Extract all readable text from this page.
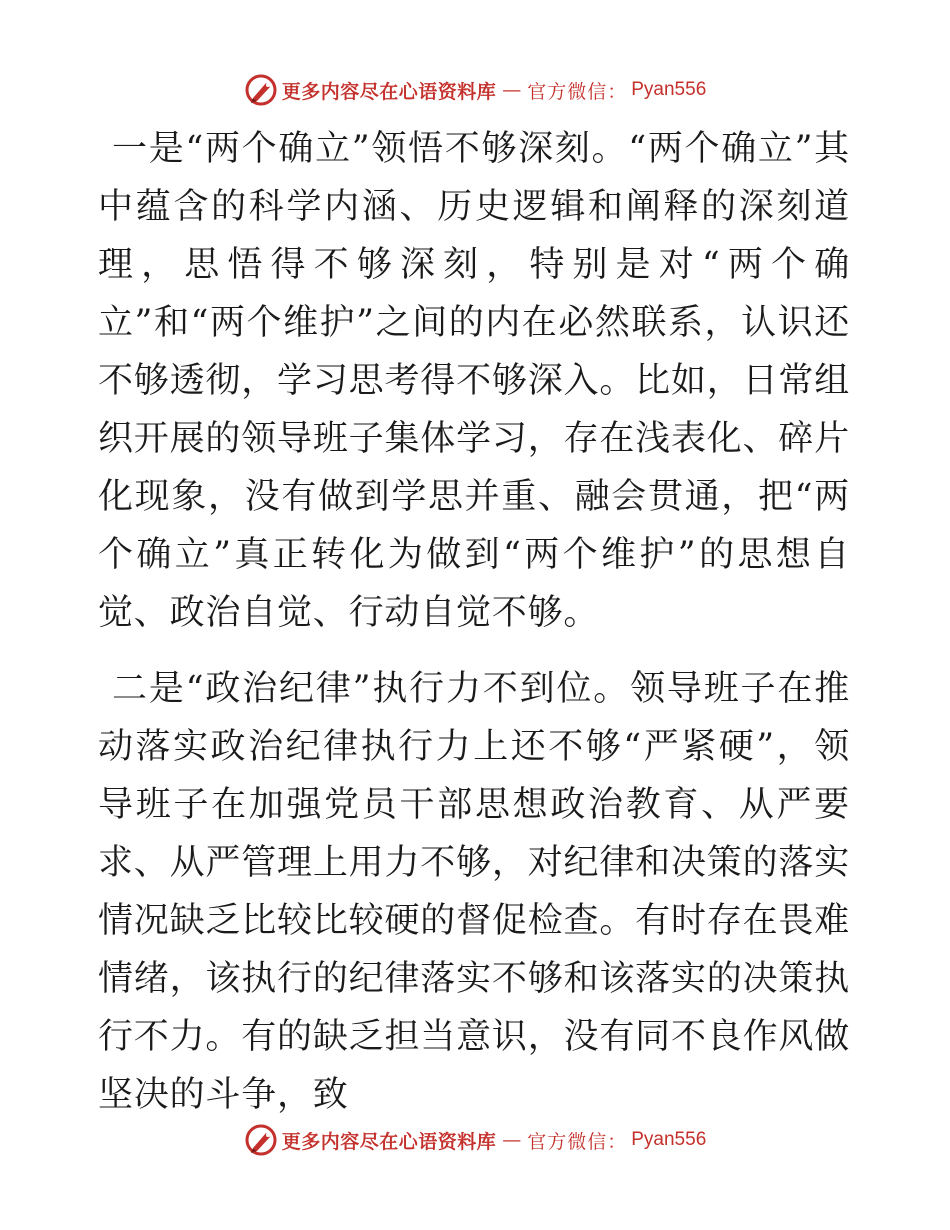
更多内容尽在心语资料库 — 官方微信： Pyan556

一是“两个确立”领悟不够深刻。“两个确立”其中蕴含的科学内涵、历史逻辑和阐释的深刻道理，思悟得不够深刻，特别是对“两个确立”和“两个维护”之间的内在必然联系，认识还不够透彻，学习思考得不够深入。比如，日常组织开展的领导班子集体学习，存在浅表化、碎片化现象，没有做到学思并重、融会贯通，把“两个确立”真正转化为做到“两个维护”的思想自觉、政治自觉、行动自觉不够。

二是“政治纪律”执行力不到位。领导班子在推动落实政治纪律执行力上还不够“严紧硬”，领导班子在加强党员干部思想政治教育、从严要求、从严管理上用力不够，对纪律和决策的落实情况缺乏比较比较硬的督促检查。有时存在畏难情绪，该执行的纪律落实不够和该落实的决策执行不力。有的缺乏担当意识，没有同不良作风做坚决的斗争，致

更多内容尽在心语资料库 — 官方微信： Pyan556
